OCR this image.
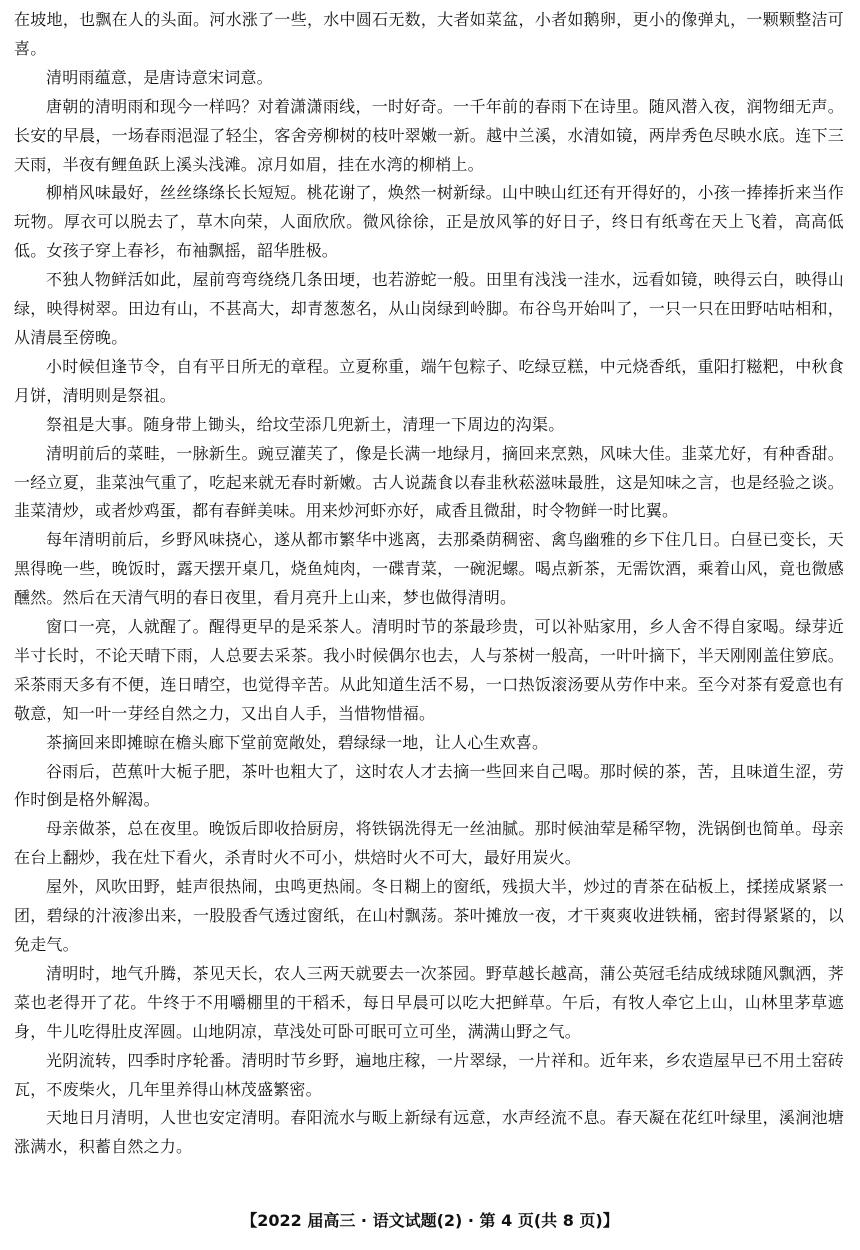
在坡地，也飘在人的头面。河水涨了一些，水中圆石无数，大者如菜盆，小者如鹅卵，更小的像弹丸，一颗颗整洁可喜。

清明雨蕴意，是唐诗意宋词意。

唐朝的清明雨和现今一样吗？对着潇潇雨线，一时好奇。一千年前的春雨下在诗里。随风潜入夜，润物细无声。长安的早晨，一场春雨浥湿了轻尘，客舍旁柳树的枝叶翠嫩一新。越中兰溪，水清如镜，两岸秀色尽映水底。连下三天雨，半夜有鲤鱼跃上溪头浅滩。凉月如眉，挂在水湾的柳梢上。

柳梢风味最好，丝丝绦绦长长短短。桃花谢了，焕然一树新绿。山中映山红还有开得好的，小孩一捧捧折来当作玩物。厚衣可以脱去了，草木向荣，人面欣欣。微风徐徐，正是放风筝的好日子，终日有纸鸢在天上飞着，高高低低。女孩子穿上春衫，布袖飘摇，韶华胜极。

不独人物鲜活如此，屋前弯弯绕绕几条田埂，也若游蛇一般。田里有浅浅一洼水，远看如镜，映得云白，映得山绿，映得树翠。田边有山，不甚高大，却青葱葱名，从山岗绿到岭脚。布谷鸟开始叫了，一只一只在田野咕咕相和，从清晨至傍晚。

小时候但逢节令，自有平日所无的章程。立夏称重，端午包粽子、吃绿豆糕，中元烧香纸，重阳打糍粑，中秋食月饼，清明则是祭祖。

祭祖是大事。随身带上锄头，给坟茔添几兜新土，清理一下周边的沟渠。

清明前后的菜畦，一脉新生。豌豆灌芙了，像是长满一地绿月，摘回来烹熟，风味大佳。韭菜尤好，有种香甜。一经立夏，韭菜浊气重了，吃起来就无春时新嫩。古人说蔬食以春韭秋菘滋味最胜，这是知味之言，也是经验之谈。韭菜清炒，或者炒鸡蛋，都有春鲜美味。用来炒河虾亦好，咸香且微甜，时令物鲜一时比翼。

每年清明前后，乡野风味挠心，遂从都市繁华中逃离，去那桑荫稠密、禽鸟幽雅的乡下住几日。白昼已变长，天黑得晚一些，晚饭时，露天摆开桌几，烧鱼炖肉，一碟青菜，一碗泥螺。喝点新茶，无需饮酒，乘着山风，竟也微感醺然。然后在天清气明的春日夜里，看月亮升上山来，梦也做得清明。

窗口一亮，人就醒了。醒得更早的是采茶人。清明时节的茶最珍贵，可以补贴家用，乡人舍不得自家喝。绿芽近半寸长时，不论天晴下雨，人总要去采茶。我小时候偶尔也去，人与茶树一般高，一叶叶摘下，半天刚刚盖住箩底。采茶雨天多有不便，连日晴空，也觉得辛苦。从此知道生活不易，一口热饭滚汤要从劳作中来。至今对茶有爱意也有敬意，知一叶一芽经自然之力，又出自人手，当惜物惜福。

茶摘回来即摊晾在檐头廊下堂前宽敞处，碧绿绿一地，让人心生欢喜。

谷雨后，芭蕉叶大栀子肥，茶叶也粗大了，这时农人才去摘一些回来自己喝。那时候的茶，苦，且味道生涩，劳作时倒是格外解渴。

母亲做茶，总在夜里。晚饭后即收拾厨房，将铁锅洗得无一丝油腻。那时候油荤是稀罕物，洗锅倒也简单。母亲在台上翻炒，我在灶下看火，杀青时火不可小，烘焙时火不可大，最好用炭火。

屋外，风吹田野，蛙声很热闹，虫鸣更热闹。冬日糊上的窗纸，残损大半，炒过的青茶在砧板上，揉搓成紧紧一团，碧绿的汁液渗出来，一股股香气透过窗纸，在山村飘荡。茶叶摊放一夜，才干爽爽收进铁桶，密封得紧紧的，以免走气。

清明时，地气升腾，茶见天长，农人三两天就要去一次茶园。野草越长越高，蒲公英冠毛结成绒球随风飘洒，荠菜也老得开了花。牛终于不用嚼棚里的干稻禾，每日早晨可以吃大把鲜草。午后，有牧人牵它上山，山林里茅草遮身，牛儿吃得肚皮浑圆。山地阴凉，草浅处可卧可眠可立可坐，满满山野之气。

光阴流转，四季时序轮番。清明时节乡野，遍地庄稼，一片翠绿，一片祥和。近年来，乡农造屋早已不用土窑砖瓦，不废柴火，几年里养得山林茂盛繁密。

天地日月清明，人世也安定清明。春阳流水与畈上新绿有远意，水声经流不息。春天凝在花红叶绿里，溪涧池塘涨满水，积蓄自然之力。

【2022 届高三 · 语文试题(2) · 第 4 页(共 8 页)】
